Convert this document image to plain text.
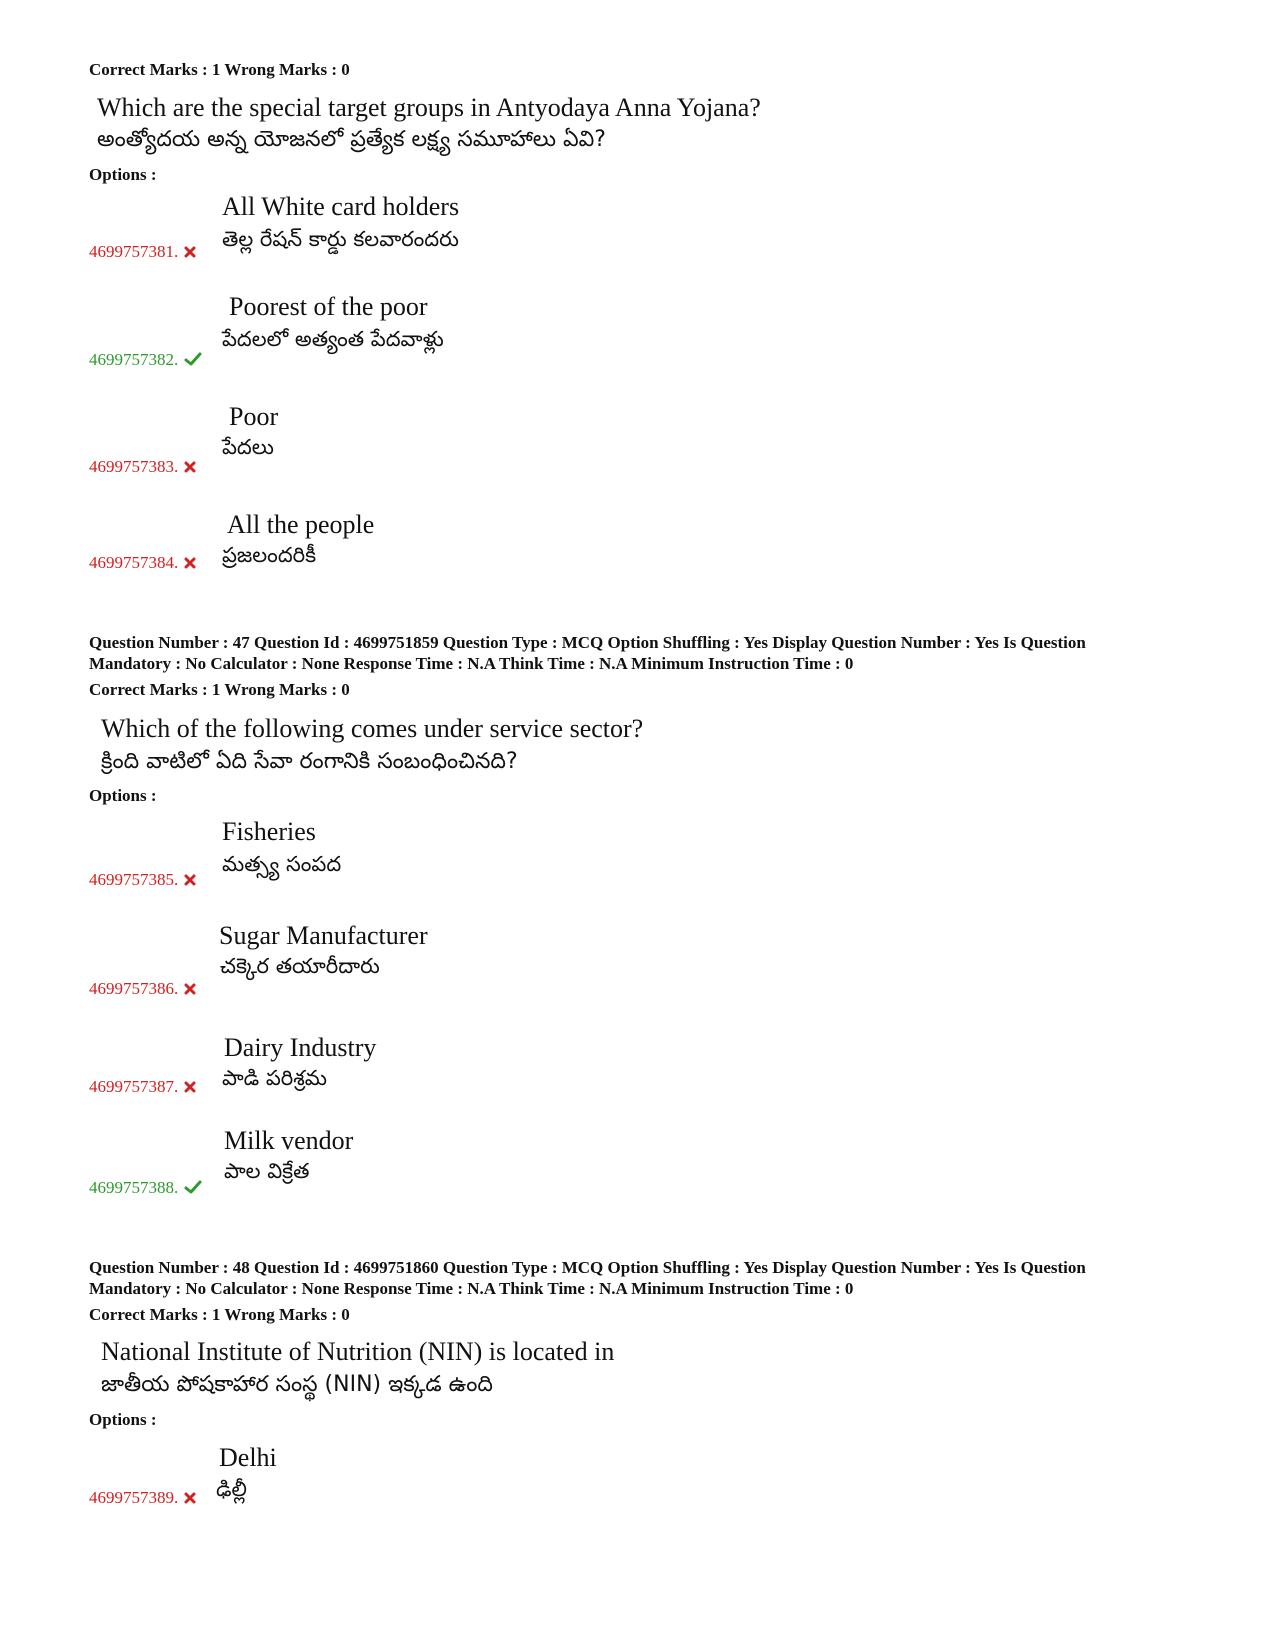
Correct Marks : 1 Wrong Marks : 0
Which are the special target groups in Antyodaya Anna Yojana?
అంత్యోదయ అన్న యోజనలో ప్రత్యేక లక్ష్య సమూహాలు ఏవి?
Options :
All White card holders
తెల్ల రేషన్ కార్డు కలవారందరు
4699757381.
Poorest of the poor
పేదలలో అత్యంత పేదవాళ్లు
4699757382.
Poor
పేదలు
4699757383.
All the people
ప్రజలందరికీ
4699757384.
Question Number : 47 Question Id : 4699751859 Question Type : MCQ Option Shuffling : Yes Display Question Number : Yes Is Question
Mandatory : No Calculator : None Response Time : N.A Think Time : N.A Minimum Instruction Time : 0
Correct Marks : 1 Wrong Marks : 0
Which of the following comes under service sector?
క్రింది వాటిలో ఏది సేవా రంగానికి సంబంధించినది?
Options :
Fisheries
మత్స్య సంపద
4699757385.
Sugar Manufacturer
చక్కెర తయారీదారు
4699757386.
Dairy Industry
పాడి పరిశ్రమ
4699757387.
Milk vendor
పాల విక్రేత
4699757388.
Question Number : 48 Question Id : 4699751860 Question Type : MCQ Option Shuffling : Yes Display Question Number : Yes Is Question
Mandatory : No Calculator : None Response Time : N.A Think Time : N.A Minimum Instruction Time : 0
Correct Marks : 1 Wrong Marks : 0
National Institute of Nutrition (NIN) is located in
జాతీయ పోషకాహార సంస్థ (NIN) ఇక్కడ ఉంది
Options :
Delhi
ఢిల్లీ
4699757389.
